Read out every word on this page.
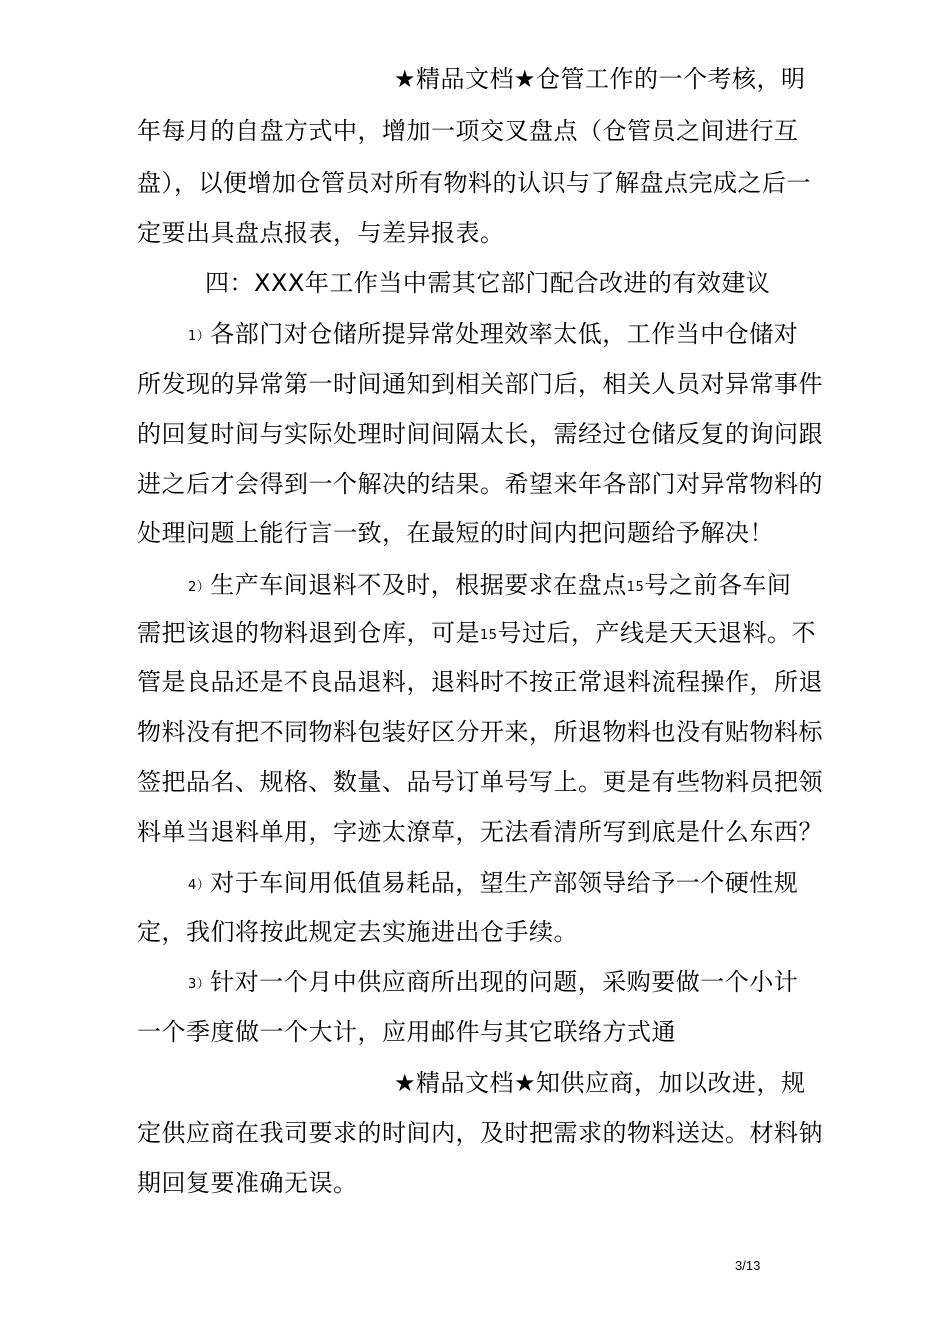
★精品文档★仓管工作的一个考核，明
年每月的自盘方式中，增加一项交叉盘点（仓管员之间进行互
盘），以便增加仓管员对所有物料的认识与了解盘点完成之后一
定要出具盘点报表，与差异报表。
四：XXX年工作当中需其它部门配合改进的有效建议
1）各部门对仓储所提异常处理效率太低，工作当中仓储对
所发现的异常第一时间通知到相关部门后，相关人员对异常事件
的回复时间与实际处理时间间隔太长，需经过仓储反复的询问跟
进之后才会得到一个解决的结果。希望来年各部门对异常物料的
处理问题上能行言一致，在最短的时间内把问题给予解决！
2）生产车间退料不及时，根据要求在盘点15号之前各车间
需把该退的物料退到仓库，可是15号过后，产线是天天退料。不
管是良品还是不良品退料，退料时不按正常退料流程操作，所退
物料没有把不同物料包装好区分开来，所退物料也没有贴物料标
签把品名、规格、数量、品号订单号写上。更是有些物料员把领
料单当退料单用，字迹太潦草，无法看清所写到底是什么东西？
4）对于车间用低值易耗品，望生产部领导给予一个硬性规
定，我们将按此规定去实施进出仓手续。
3）针对一个月中供应商所出现的问题，采购要做一个小计
一个季度做一个大计，应用邮件与其它联络方式通
★精品文档★知供应商，加以改进，规
定供应商在我司要求的时间内，及时把需求的物料送达。材料钠
期回复要准确无误。
3/13
